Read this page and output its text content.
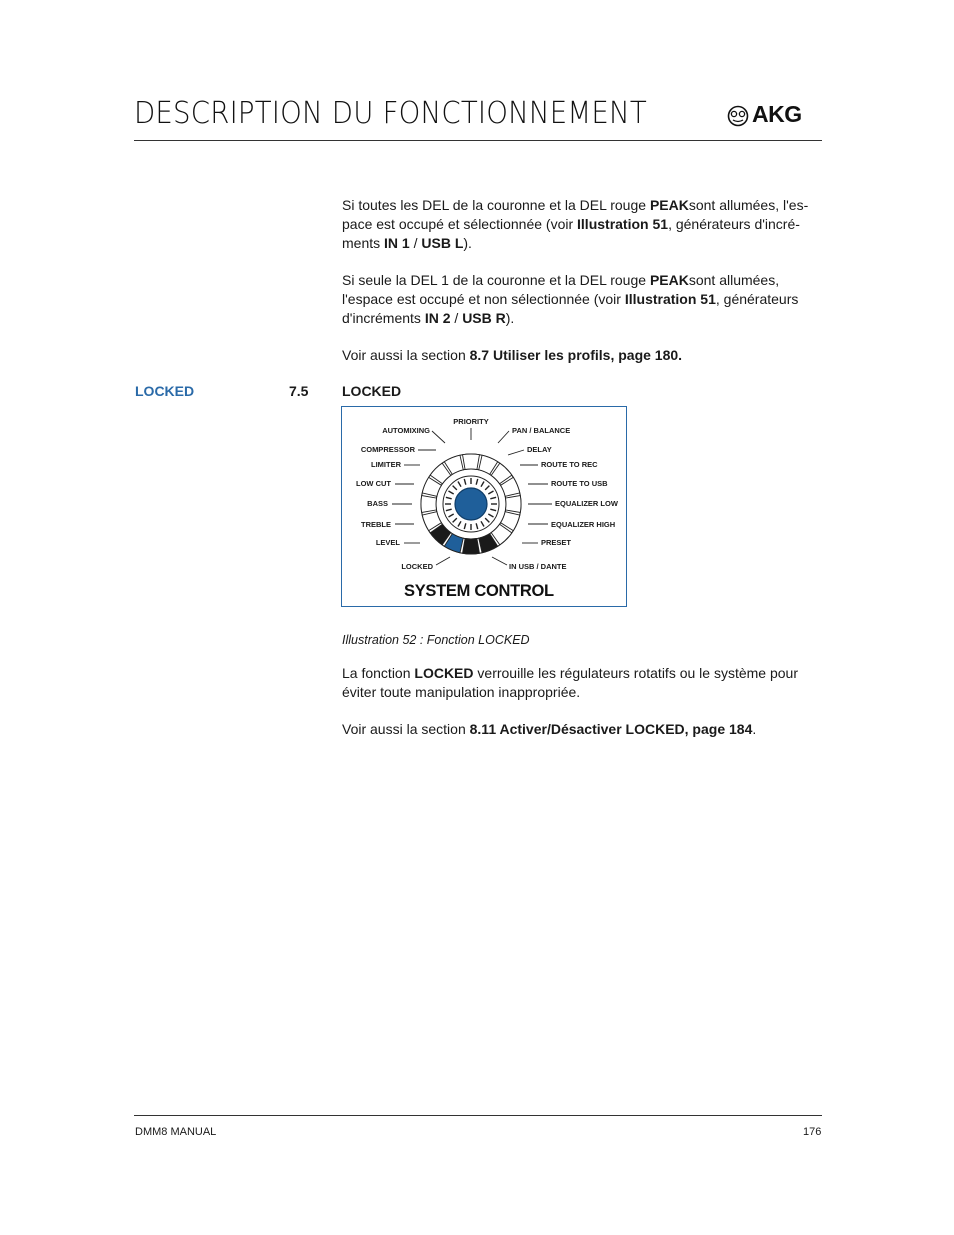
DESCRIPTION DU FONCTIONNEMENT	AKG

Si toutes les DEL de la couronne et la DEL rouge PEAKsont allumées, l'es-
pace est occupé et sélectionnée (voir Illustration 51, générateurs d'incré-
ments IN 1 / USB L).

Si seule la DEL 1 de la couronne et la DEL rouge PEAKsont allumées,
l'espace est occupé et non sélectionnée (voir Illustration 51, générateurs
d'incréments IN 2 / USB R).

Voir aussi la section 8.7 Utiliser les profils, page 180.

LOCKED	7.5 LOCKED
PRIORITY
AUTOMIXING	PAN / BALANCE
COMPRESSOR	DELAY
LIMITER	ROUTE TO REC
LOW CUT	ROUTE TO USB
BASS	EQUALIZER LOW
TREBLE	EQUALIZER HIGH
LEVEL	PRESET
LOCKED	IN USB / DANTE
SYSTEM CONTROL
Illustration 52 : Fonction LOCKED

La fonction LOCKED verrouille les régulateurs rotatifs ou le système pour
éviter toute manipulation inappropriée.

Voir aussi la section 8.11 Activer/Désactiver LOCKED, page 184.

DMM8 MANUAL	176
